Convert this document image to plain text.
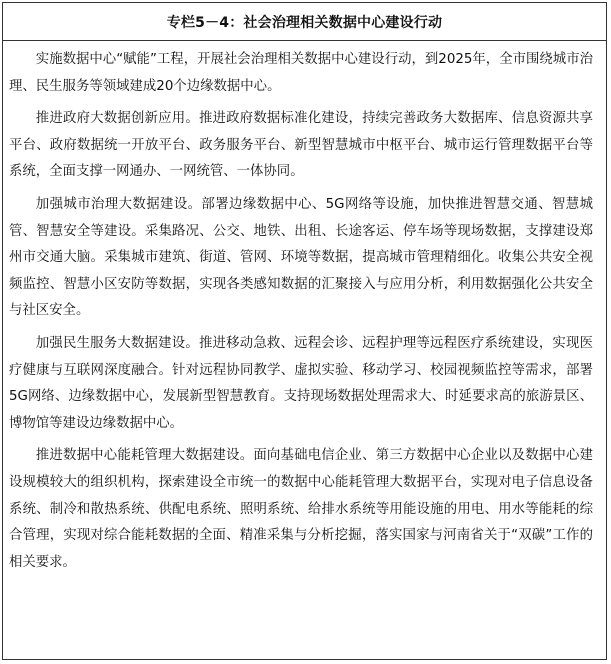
专栏5－4：社会治理相关数据中心建设行动

实施数据中心“赋能”工程，开展社会治理相关数据中心建设行动，到2025年，全市围绕城市治理、民生服务等领域建成20个边缘数据中心。

推进政府大数据创新应用。推进政府数据标准化建设，持续完善政务大数据库、信息资源共享平台、政府数据统一开放平台、政务服务平台、新型智慧城市中枢平台、城市运行管理数据平台等系统，全面支撑一网通办、一网统管、一体协同。

加强城市治理大数据建设。部署边缘数据中心、5G网络等设施，加快推进智慧交通、智慧城管、智慧安全等建设。采集路况、公交、地铁、出租、长途客运、停车场等现场数据，支撑建设郑州市交通大脑。采集城市建筑、街道、管网、环境等数据，提高城市管理精细化。收集公共安全视频监控、智慧小区安防等数据，实现各类感知数据的汇聚接入与应用分析，利用数据强化公共安全与社区安全。

加强民生服务大数据建设。推进移动急救、远程会诊、远程护理等远程医疗系统建设，实现医疗健康与互联网深度融合。针对远程协同教学、虚拟实验、移动学习、校园视频监控等需求，部署5G网络、边缘数据中心，发展新型智慧教育。支持现场数据处理需求大、时延要求高的旅游景区、博物馆等建设边缘数据中心。

推进数据中心能耗管理大数据建设。面向基础电信企业、第三方数据中心企业以及数据中心建设规模较大的组织机构，探索建设全市统一的数据中心能耗管理大数据平台，实现对电子信息设备系统、制冷和散热系统、供配电系统、照明系统、给排水系统等用能设施的用电、用水等能耗的综合管理，实现对综合能耗数据的全面、精准采集与分析挖掘，落实国家与河南省关于“双碳”工作的相关要求。
